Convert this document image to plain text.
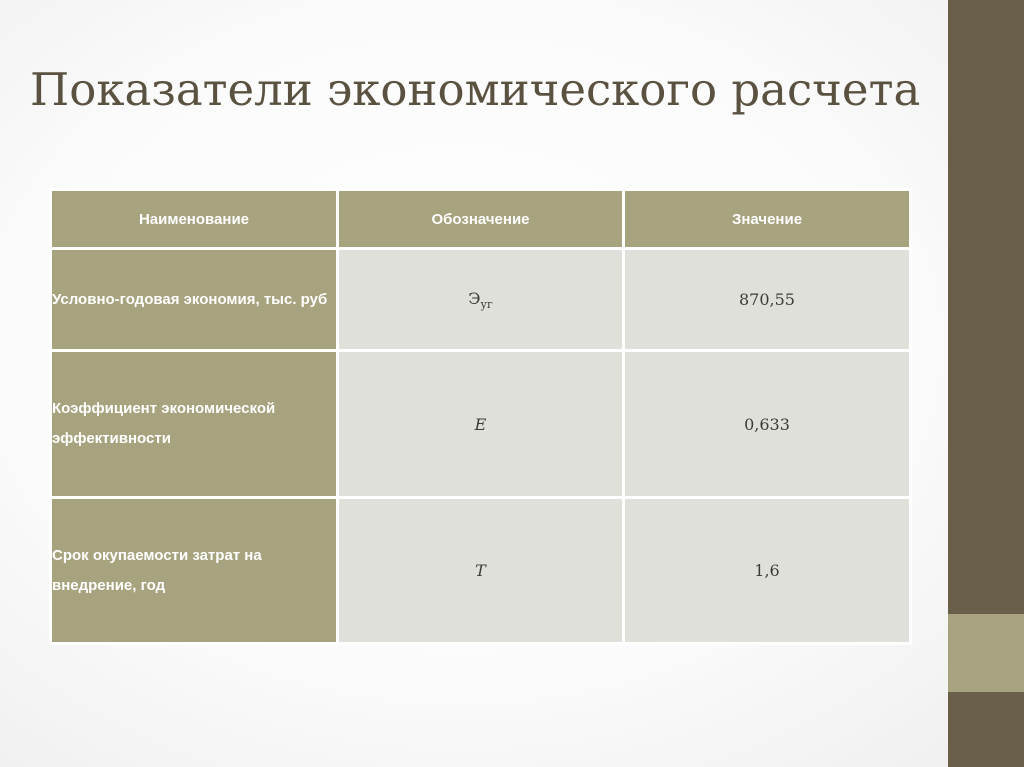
Показатели экономического расчета
Наименование	Обозначение	Значение
Условно-годовая экономия, тыс. руб	$Э_{уг}$	870,55
Коэффициент экономической эффективности	E	0,633
Срок окупаемости затрат на внедрение, год	T	1,6
